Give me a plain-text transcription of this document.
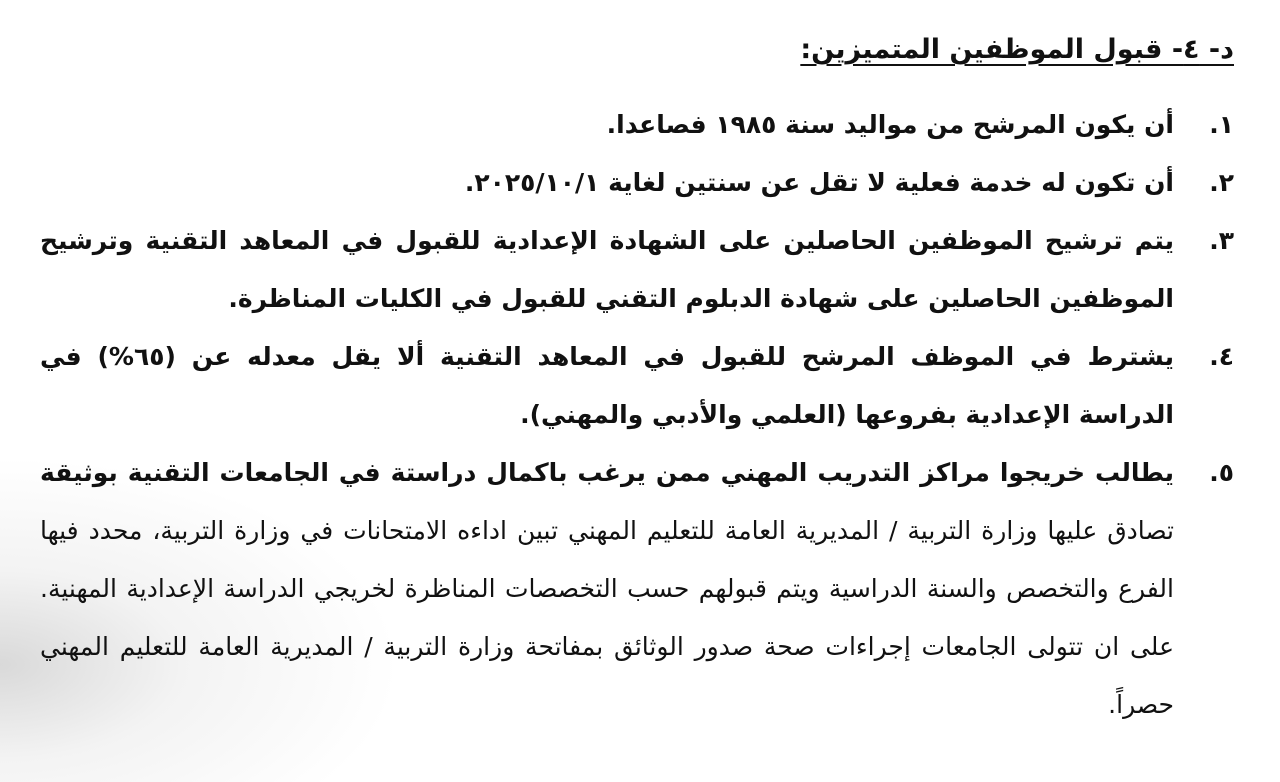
د- ٤- قبول الموظفين المتميزين:
١.
أن يكون المرشح من مواليد سنة ١٩٨٥ فصاعدا.
٢.
أن تكون له خدمة فعلية لا تقل عن سنتين لغاية ٢٠٢٥/١٠/١.
٣.
يتم ترشيح الموظفين الحاصلين على الشهادة الإعدادية للقبول في المعاهد التقنية وترشيح الموظفين الحاصلين على شهادة الدبلوم التقني للقبول في الكليات المناظرة.
٤.
يشترط في الموظف المرشح للقبول في المعاهد التقنية ألا يقل معدله عن (٦٥%) في الدراسة الإعدادية بفروعها (العلمي والأدبي والمهني).
٥.
يطالب خريجوا مراكز التدريب المهني ممن يرغب باكمال دراستة في الجامعات التقنية بوثيقة تصادق عليها وزارة التربية / المديرية العامة للتعليم المهني تبين اداءه الامتحانات في وزارة التربية، محدد فيها الفرع والتخصص والسنة الدراسية ويتم قبولهم حسب التخصصات المناظرة لخريجي الدراسة الإعدادية المهنية. على ان تتولى الجامعات إجراءات صحة صدور الوثائق بمفاتحة وزارة التربية / المديرية العامة للتعليم المهني حصراً.
